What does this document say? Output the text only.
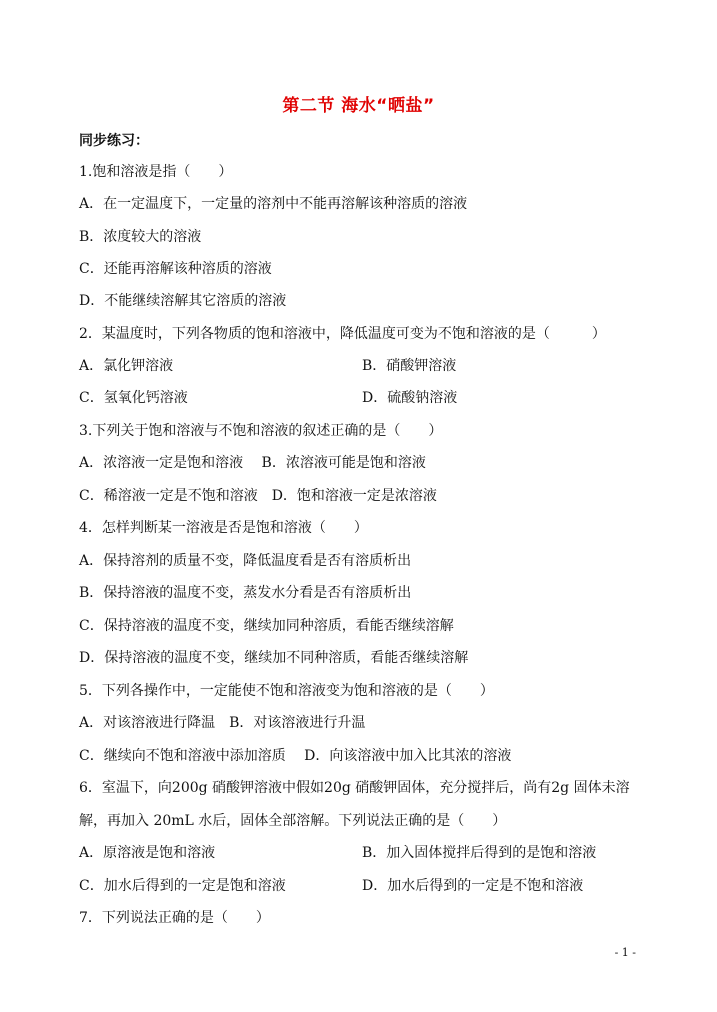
第二节 海水“晒盐”
同步练习：
1.饱和溶液是指（　　）
A．在一定温度下，一定量的溶剂中不能再溶解该种溶质的溶液
B．浓度较大的溶液
C．还能再溶解该种溶质的溶液
D．不能继续溶解其它溶质的溶液
2．某温度时，下列各物质的饱和溶液中，降低温度可变为不饱和溶液的是（　　　）
A．氯化钾溶液	B．硝酸钾溶液
C．氢氧化钙溶液	D．硫酸钠溶液
3.下列关于饱和溶液与不饱和溶液的叙述正确的是（　　）
A．浓溶液一定是饱和溶液　 B．浓溶液可能是饱和溶液
C．稀溶液一定是不饱和溶液　D．饱和溶液一定是浓溶液
4．怎样判断某一溶液是否是饱和溶液（　　）
A．保持溶剂的质量不变，降低温度看是否有溶质析出
B．保持溶液的温度不变，蒸发水分看是否有溶质析出
C．保持溶液的温度不变，继续加同种溶质，看能否继续溶解
D．保持溶液的温度不变，继续加不同种溶质，看能否继续溶解
5．下列各操作中，一定能使不饱和溶液变为饱和溶液的是（　　）
A．对该溶液进行降温　B．对该溶液进行升温
C．继续向不饱和溶液中添加溶质　 D．向该溶液中加入比其浓的溶液
6．室温下，向200g 硝酸钾溶液中假如20g 硝酸钾固体，充分搅拌后，尚有2g 固体未溶
解，再加入 20mL 水后，固体全部溶解。下列说法正确的是（　　）
A．原溶液是饱和溶液	B．加入固体搅拌后得到的是饱和溶液
C．加水后得到的一定是饱和溶液	D．加水后得到的一定是不饱和溶液
7．下列说法正确的是（　　）
- 1 -
